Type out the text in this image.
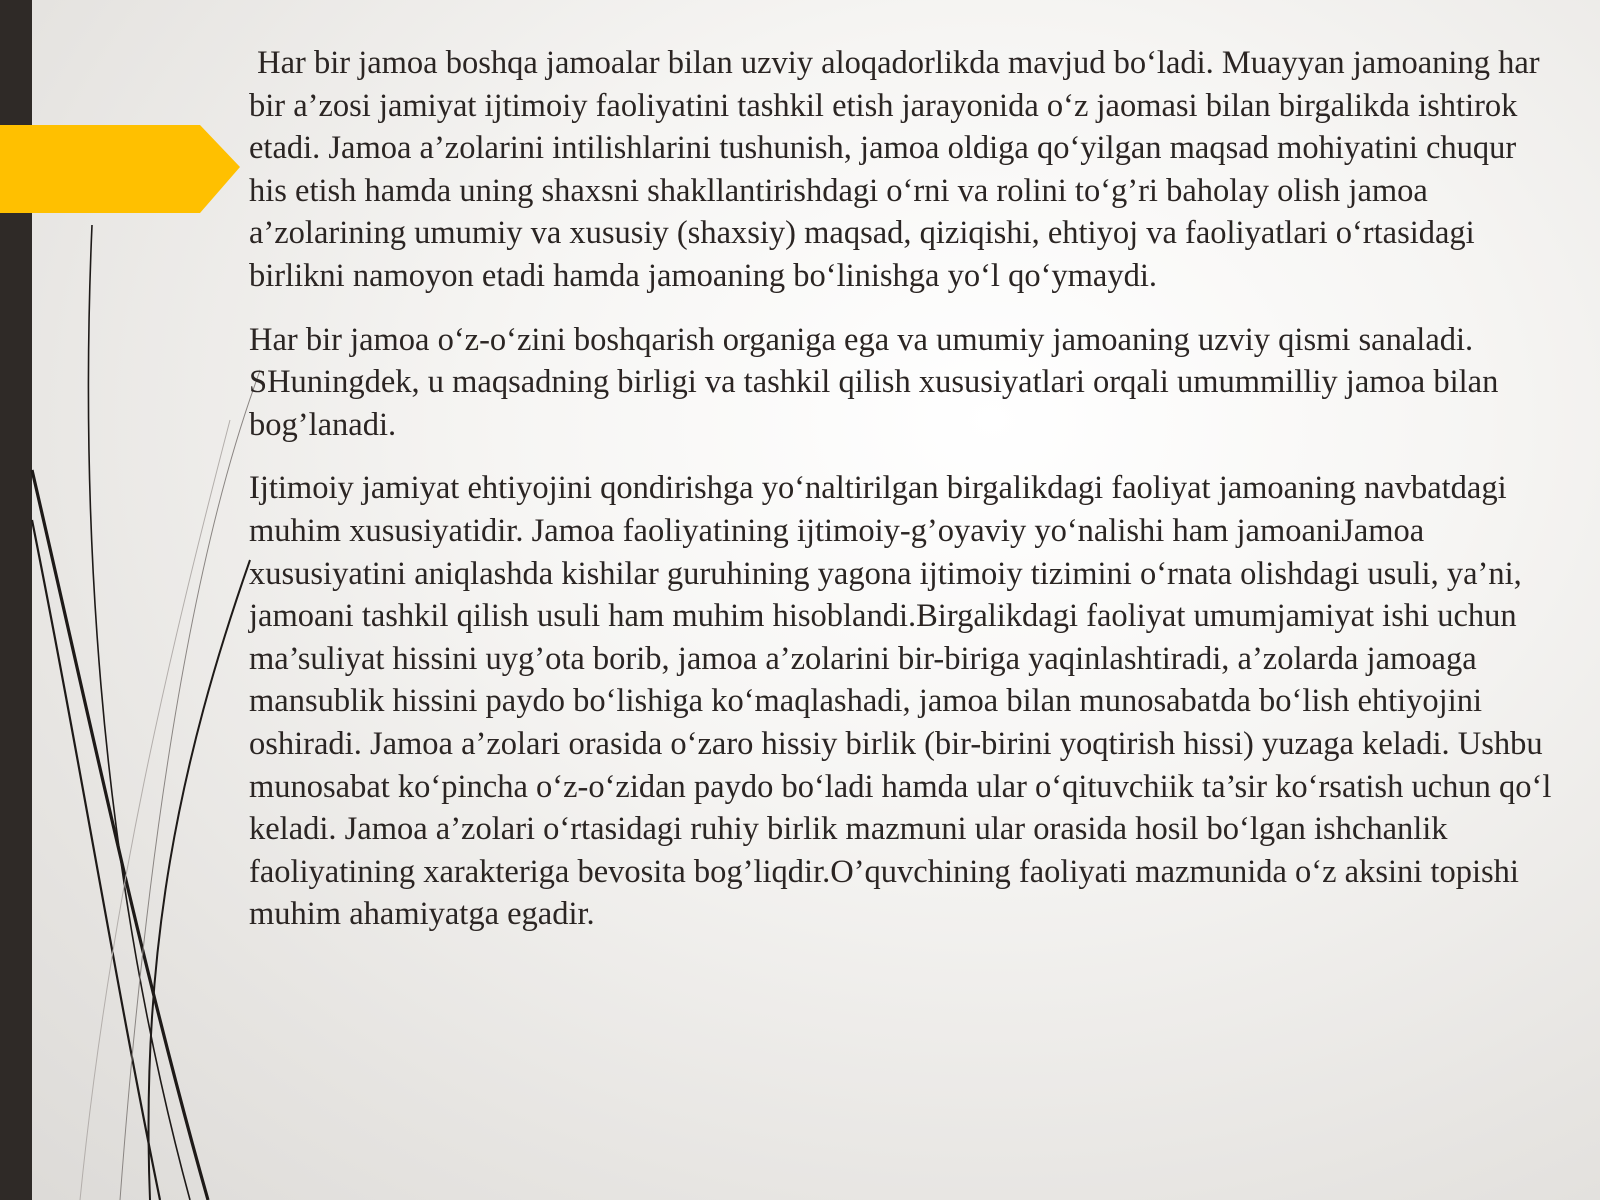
Har bir jamoa boshqa jamoalar bilan uzviy aloqadorlikda mavjud bo‘ladi. Muayyan jamoaning har bir a’zosi jamiyat ijtimoiy faoliyatini tashkil etish jarayonida o‘z jaomasi bilan birgalikda ishtirok etadi. Jamoa a’zolarini intilishlarini tushunish, jamoa oldiga qo‘yilgan maqsad mohiyatini chuqur his etish hamda uning shaxsni shakllantirishdagi o‘rni va rolini to‘g’ri baholay olish jamoa a’zolarining umumiy va xususiy (shaxsiy) maqsad, qiziqishi, ehtiyoj va faoliyatlari o‘rtasidagi birlikni namoyon etadi hamda jamoaning bo‘linishga yo‘l qo‘ymaydi.

Har bir jamoa o‘z-o‘zini boshqarish organiga ega va umumiy jamoaning uzviy qismi sanaladi. SHuningdek, u maqsadning birligi va tashkil qilish xususiyatlari orqali umummilliy jamoa bilan bog’lanadi.

Ijtimoiy jamiyat ehtiyojini qondirishga yo‘naltirilgan birgalikdagi faoliyat jamoaning navbatdagi muhim xususiyatidir. Jamoa faoliyatining ijtimoiy-g’oyaviy yo‘nalishi ham jamoaniJamoa xususiyatini aniqlashda kishilar guruhining yagona ijtimoiy tizimini o‘rnata olishdagi usuli, ya’ni, jamoani tashkil qilish usuli ham muhim hisoblandi.Birgalikdagi faoliyat umumjamiyat ishi uchun ma’suliyat hissini uyg’ota borib, jamoa a’zolarini bir-biriga yaqinlashtiradi, a’zolarda jamoaga mansublik hissini paydo bo‘lishiga ko‘maqlashadi, jamoa bilan munosabatda bo‘lish ehtiyojini oshiradi. Jamoa a’zolari orasida o‘zaro hissiy birlik (bir-birini yoqtirish hissi) yuzaga keladi. Ushbu munosabat ko‘pincha o‘z-o‘zidan paydo bo‘ladi hamda ular o‘qituvchiik ta’sir ko‘rsatish uchun qo‘l keladi. Jamoa a’zolari o‘rtasidagi ruhiy birlik mazmuni ular orasida hosil bo‘lgan ishchanlik faoliyatining xarakteriga bevosita bog’liqdir.O’quvchining faoliyati mazmunida o‘z aksini topishi muhim ahamiyatga egadir.
